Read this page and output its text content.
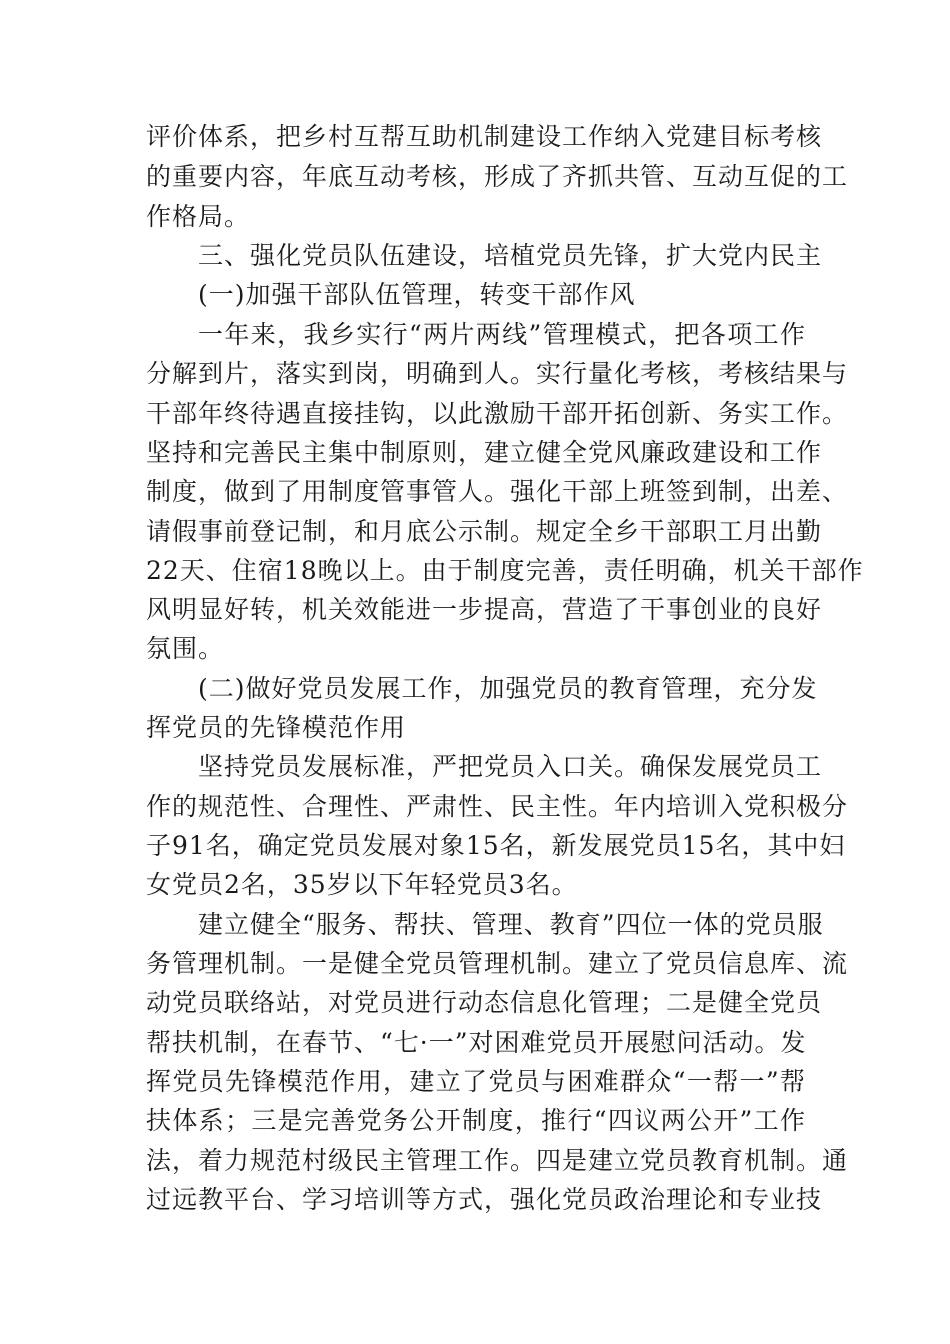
评价体系，把乡村互帮互助机制建设工作纳入党建目标考核
的重要内容，年底互动考核，形成了齐抓共管、互动互促的工
作格局。
三、强化党员队伍建设，培植党员先锋，扩大党内民主
(一)加强干部队伍管理，转变干部作风
一年来，我乡实行“两片两线”管理模式，把各项工作
分解到片，落实到岗，明确到人。实行量化考核，考核结果与
干部年终待遇直接挂钩，以此激励干部开拓创新、务实工作。
坚持和完善民主集中制原则，建立健全党风廉政建设和工作
制度，做到了用制度管事管人。强化干部上班签到制，出差、
请假事前登记制，和月底公示制。规定全乡干部职工月出勤
22天、住宿18晚以上。由于制度完善，责任明确，机关干部作
风明显好转，机关效能进一步提高，营造了干事创业的良好
氛围。
(二)做好党员发展工作，加强党员的教育管理，充分发
挥党员的先锋模范作用
坚持党员发展标准，严把党员入口关。确保发展党员工
作的规范性、合理性、严肃性、民主性。年内培训入党积极分
子91名，确定党员发展对象15名，新发展党员15名，其中妇
女党员2名，35岁以下年轻党员3名。
建立健全“服务、帮扶、管理、教育”四位一体的党员服
务管理机制。一是健全党员管理机制。建立了党员信息库、流
动党员联络站，对党员进行动态信息化管理；二是健全党员
帮扶机制，在春节、“七·一”对困难党员开展慰问活动。发
挥党员先锋模范作用，建立了党员与困难群众“一帮一”帮
扶体系；三是完善党务公开制度，推行“四议两公开”工作
法，着力规范村级民主管理工作。四是建立党员教育机制。通
过远教平台、学习培训等方式，强化党员政治理论和专业技
